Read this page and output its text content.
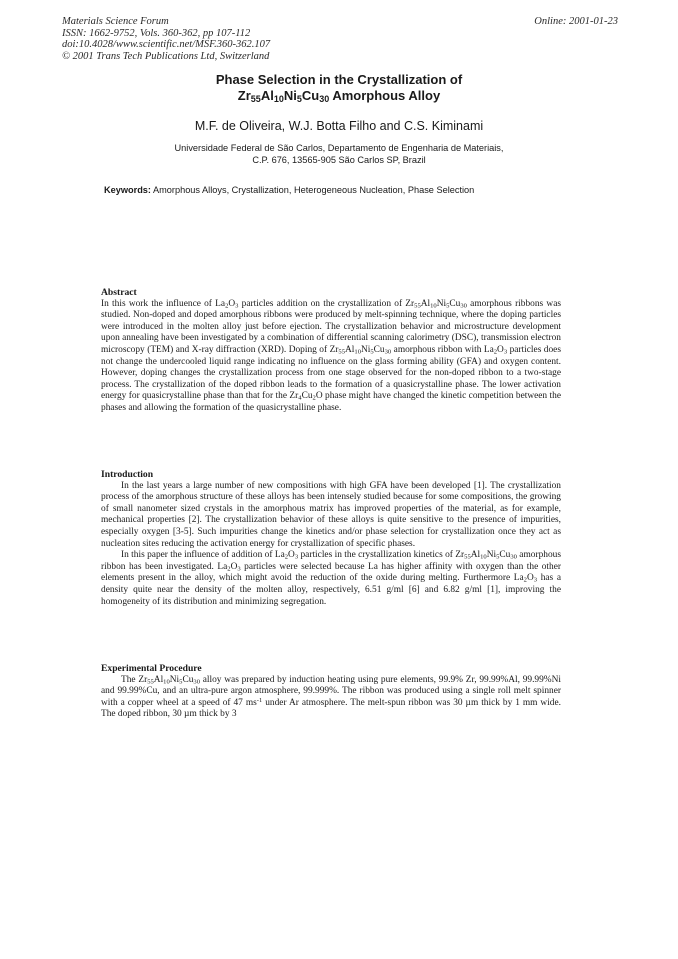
Materials Science Forum
ISSN: 1662-9752, Vols. 360-362, pp 107-112
doi:10.4028/www.scientific.net/MSF.360-362.107
© 2001 Trans Tech Publications Ltd, Switzerland
Online: 2001-01-23
Phase Selection in the Crystallization of
$Zr_{55}Al_{10}Ni_5Cu_{30}$ Amorphous Alloy
M.F. de Oliveira, W.J. Botta Filho and C.S. Kiminami
Universidade Federal de São Carlos, Departamento de Engenharia de Materiais,
C.P. 676, 13565-905 São Carlos SP, Brazil
Keywords: Amorphous Alloys, Crystallization, Heterogeneous Nucleation, Phase Selection
Abstract

In this work the influence of $La_2O_3$ particles addition on the crystallization of $Zr_{55}Al_{10}Ni_5Cu_{30}$ amorphous ribbons was studied. Non-doped and doped amorphous ribbons were produced by melt-spinning technique, where the doping particles were introduced in the molten alloy just before ejection. The crystallization behavior and microstructure development upon annealing have been investigated by a combination of differential scanning calorimetry (DSC), transmission electron microscopy (TEM) and X-ray diffraction (XRD). Doping of $Zr_{55}Al_{10}Ni_5Cu_{30}$ amorphous ribbon with $La_2O_3$ particles does not change the undercooled liquid range indicating no influence on the glass forming ability (GFA) and oxygen content. However, doping changes the crystallization process from one stage observed for the non-doped ribbon to a two-stage process. The crystallization of the doped ribbon leads to the formation of a quasicrystalline phase. The lower activation energy for quasicrystalline phase than that for the $Zr_4Cu_2O$ phase might have changed the kinetic competition between the phases and allowing the formation of the quasicrystalline phase.

Introduction

In the last years a large number of new compositions with high GFA have been developed [1]. The crystallization process of the amorphous structure of these alloys has been intensely studied because for some compositions, the growing of small nanometer sized crystals in the amorphous matrix has improved properties of the material, as for example, mechanical properties [2]. The crystallization behavior of these alloys is quite sensitive to the presence of impurities, especially oxygen [3-5]. Such impurities change the kinetics and/or phase selection for crystallization once they act as nucleation sites reducing the activation energy for crystallization of specific phases.

In this paper the influence of addition of $La_2O_3$ particles in the crystallization kinetics of $Zr_{55}Al_{10}Ni_5Cu_{30}$ amorphous ribbon has been investigated. $La_2O_3$ particles were selected because La has higher affinity with oxygen than the other elements present in the alloy, which might avoid the reduction of the oxide during melting. Furthermore $La_2O_3$ has a density quite near the density of the molten alloy, respectively, 6.51 g/ml [6] and 6.82 g/ml [1], improving the homogeneity of its distribution and minimizing segregation.

Experimental Procedure

The $Zr_{55}Al_{10}Ni_5Cu_{30}$ alloy was prepared by induction heating using pure elements, 99.9% Zr, 99.99%Al, 99.99%Ni and 99.99%Cu, and an ultra-pure argon atmosphere, 99.999%. The ribbon was produced using a single roll melt spinner with a copper wheel at a speed of 47 $ms^{-1}$ under Ar atmosphere. The melt-spun ribbon was 30 µm thick by 1 mm wide. The doped ribbon, 30 µm thick by 3
